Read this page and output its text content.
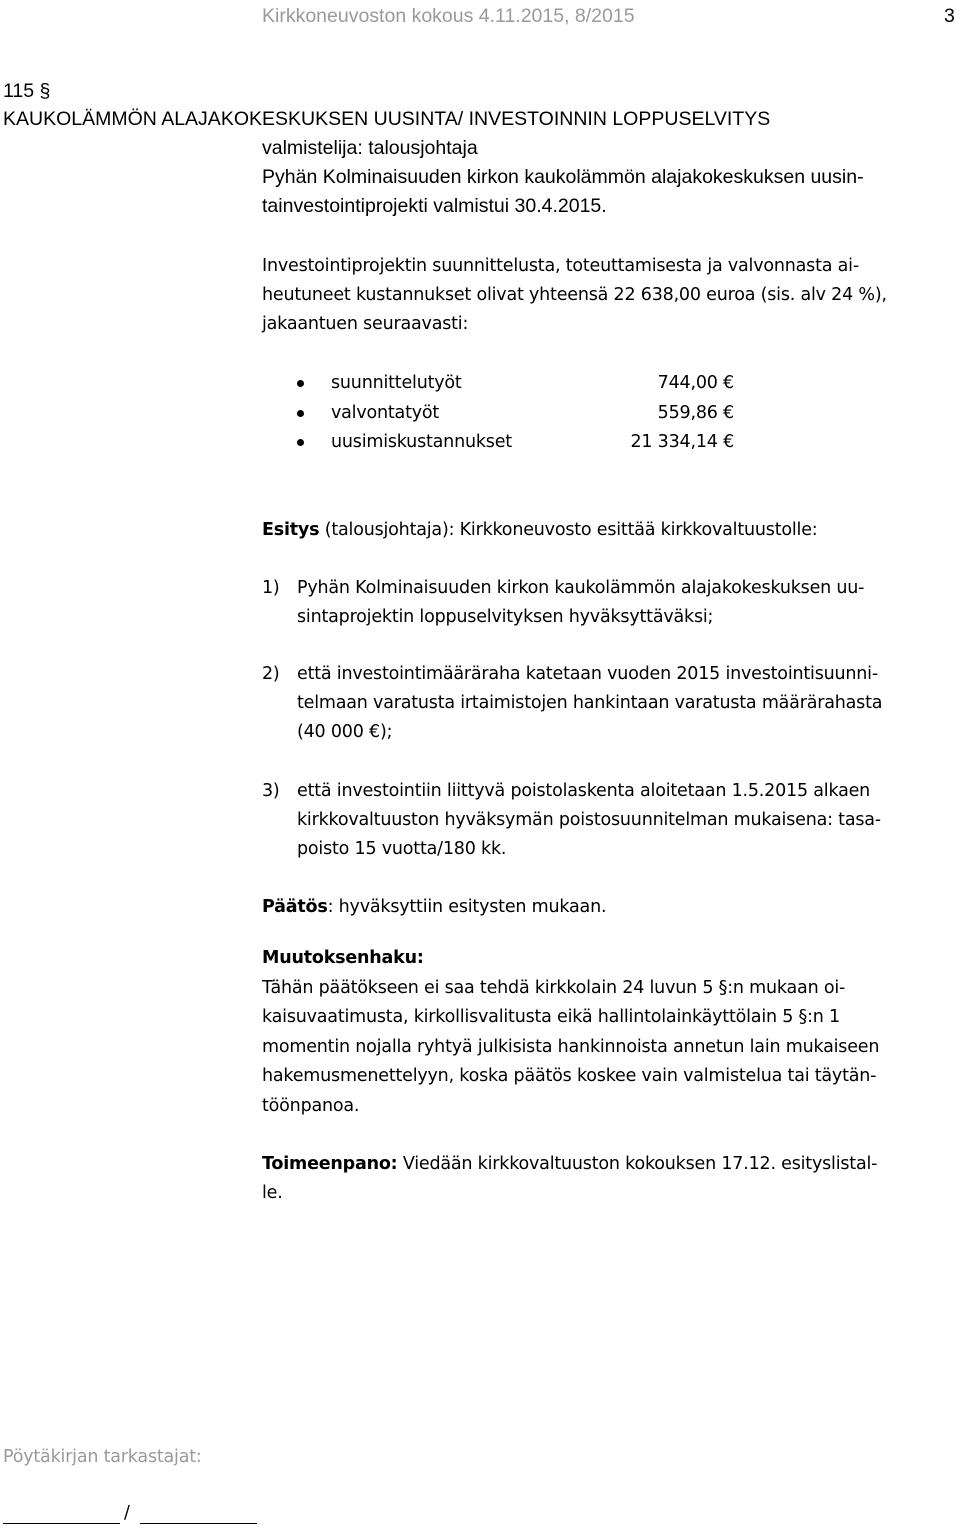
Kirkkoneuvoston kokous 4.11.2015, 8/2015	3
115 §
KAUKOLÄMMÖN ALAJAKOKESKUKSEN UUSINTA/ INVESTOINNIN LOPPUSELVITYS
valmistelija: talousjohtaja
Pyhän Kolminaisuuden kirkon kaukolämmön alajakokeskuksen uusin-
tainvestointiprojekti valmistui 30.4.2015.
Investointiprojektin suunnittelusta, toteuttamisesta ja valvonnasta ai-
heutuneet kustannukset olivat yhteensä 22 638,00 euroa (sis. alv 24 %),
jakaantuen seuraavasti:
suunnittelutyöt	744,00 €
valvontatyöt	559,86 €
uusimiskustannukset	21 334,14 €
Esitys (talousjohtaja): Kirkkoneuvosto esittää kirkkovaltuustolle:
1) Pyhän Kolminaisuuden kirkon kaukolämmön alajakokeskuksen uu-
sintaprojektin loppuselvityksen hyväksyttäväksi;
2) että investointimääräraha katetaan vuoden 2015 investointisuunni-
telmaan varatusta irtaimistojen hankintaan varatusta määrärahasta
(40 000 €);
3) että investointiin liittyvä poistolaskenta aloitetaan 1.5.2015 alkaen
kirkkovaltuuston hyväksymän poistosuunnitelman mukaisena: tasa-
poisto 15 vuotta/180 kk.
Päätös: hyväksyttiin esitysten mukaan.
Muutoksenhaku:
Tähän päätökseen ei saa tehdä kirkkolain 24 luvun 5 §:n mukaan oi-
kaisuvaatimusta, kirkollisvalitusta eikä hallintolainkäyttölain 5 §:n 1
momentin nojalla ryhtyä julkisista hankinnoista annetun lain mukaiseen
hakemusmenettelyyn, koska päätös koskee vain valmistelua tai täytän-
töönpanoa.
Toimeenpano: Viedään kirkkovaltuuston kokouksen 17.12. esityslistal-
le.
Pöytäkirjan tarkastajat:
/
